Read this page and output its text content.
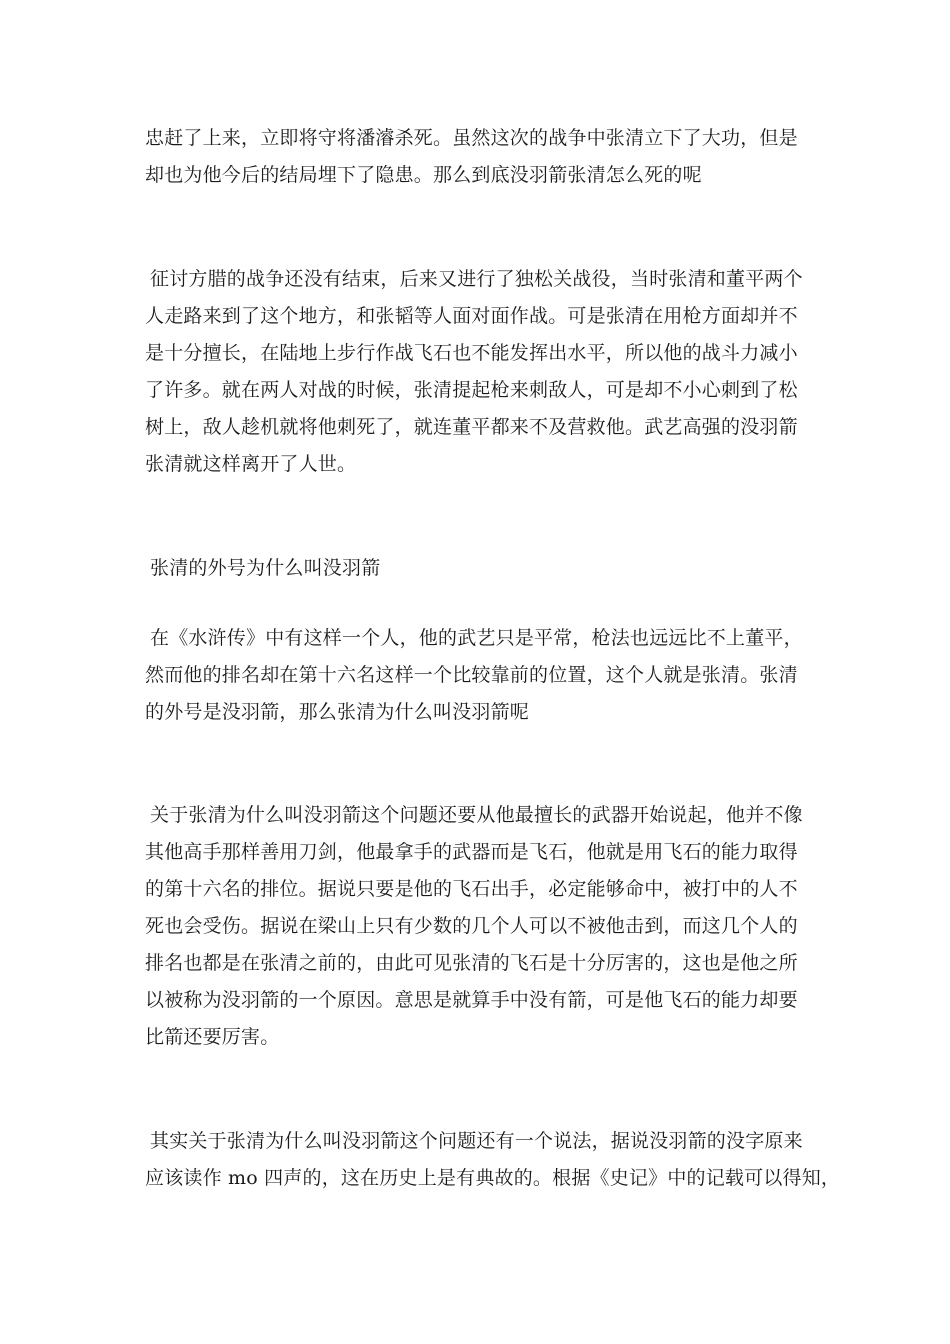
忠赶了上来，立即将守将潘濬杀死。虽然这次的战争中张清立下了大功，但是
却也为他今后的结局埋下了隐患。那么到底没羽箭张清怎么死的呢
征讨方腊的战争还没有结束，后来又进行了独松关战役，当时张清和董平两个
人走路来到了这个地方，和张韬等人面对面作战。可是张清在用枪方面却并不
是十分擅长，在陆地上步行作战飞石也不能发挥出水平，所以他的战斗力减小
了许多。就在两人对战的时候，张清提起枪来刺敌人，可是却不小心刺到了松
树上，敌人趁机就将他刺死了，就连董平都来不及营救他。武艺高强的没羽箭
张清就这样离开了人世。
张清的外号为什么叫没羽箭
在《水浒传》中有这样一个人，他的武艺只是平常，枪法也远远比不上董平，
然而他的排名却在第十六名这样一个比较靠前的位置，这个人就是张清。张清
的外号是没羽箭，那么张清为什么叫没羽箭呢
关于张清为什么叫没羽箭这个问题还要从他最擅长的武器开始说起，他并不像
其他高手那样善用刀剑，他最拿手的武器而是飞石，他就是用飞石的能力取得
的第十六名的排位。据说只要是他的飞石出手，必定能够命中，被打中的人不
死也会受伤。据说在梁山上只有少数的几个人可以不被他击到，而这几个人的
排名也都是在张清之前的，由此可见张清的飞石是十分厉害的，这也是他之所
以被称为没羽箭的一个原因。意思是就算手中没有箭，可是他飞石的能力却要
比箭还要厉害。
其实关于张清为什么叫没羽箭这个问题还有一个说法，据说没羽箭的没字原来
应该读作 mo 四声的，这在历史上是有典故的。根据《史记》中的记载可以得知，
